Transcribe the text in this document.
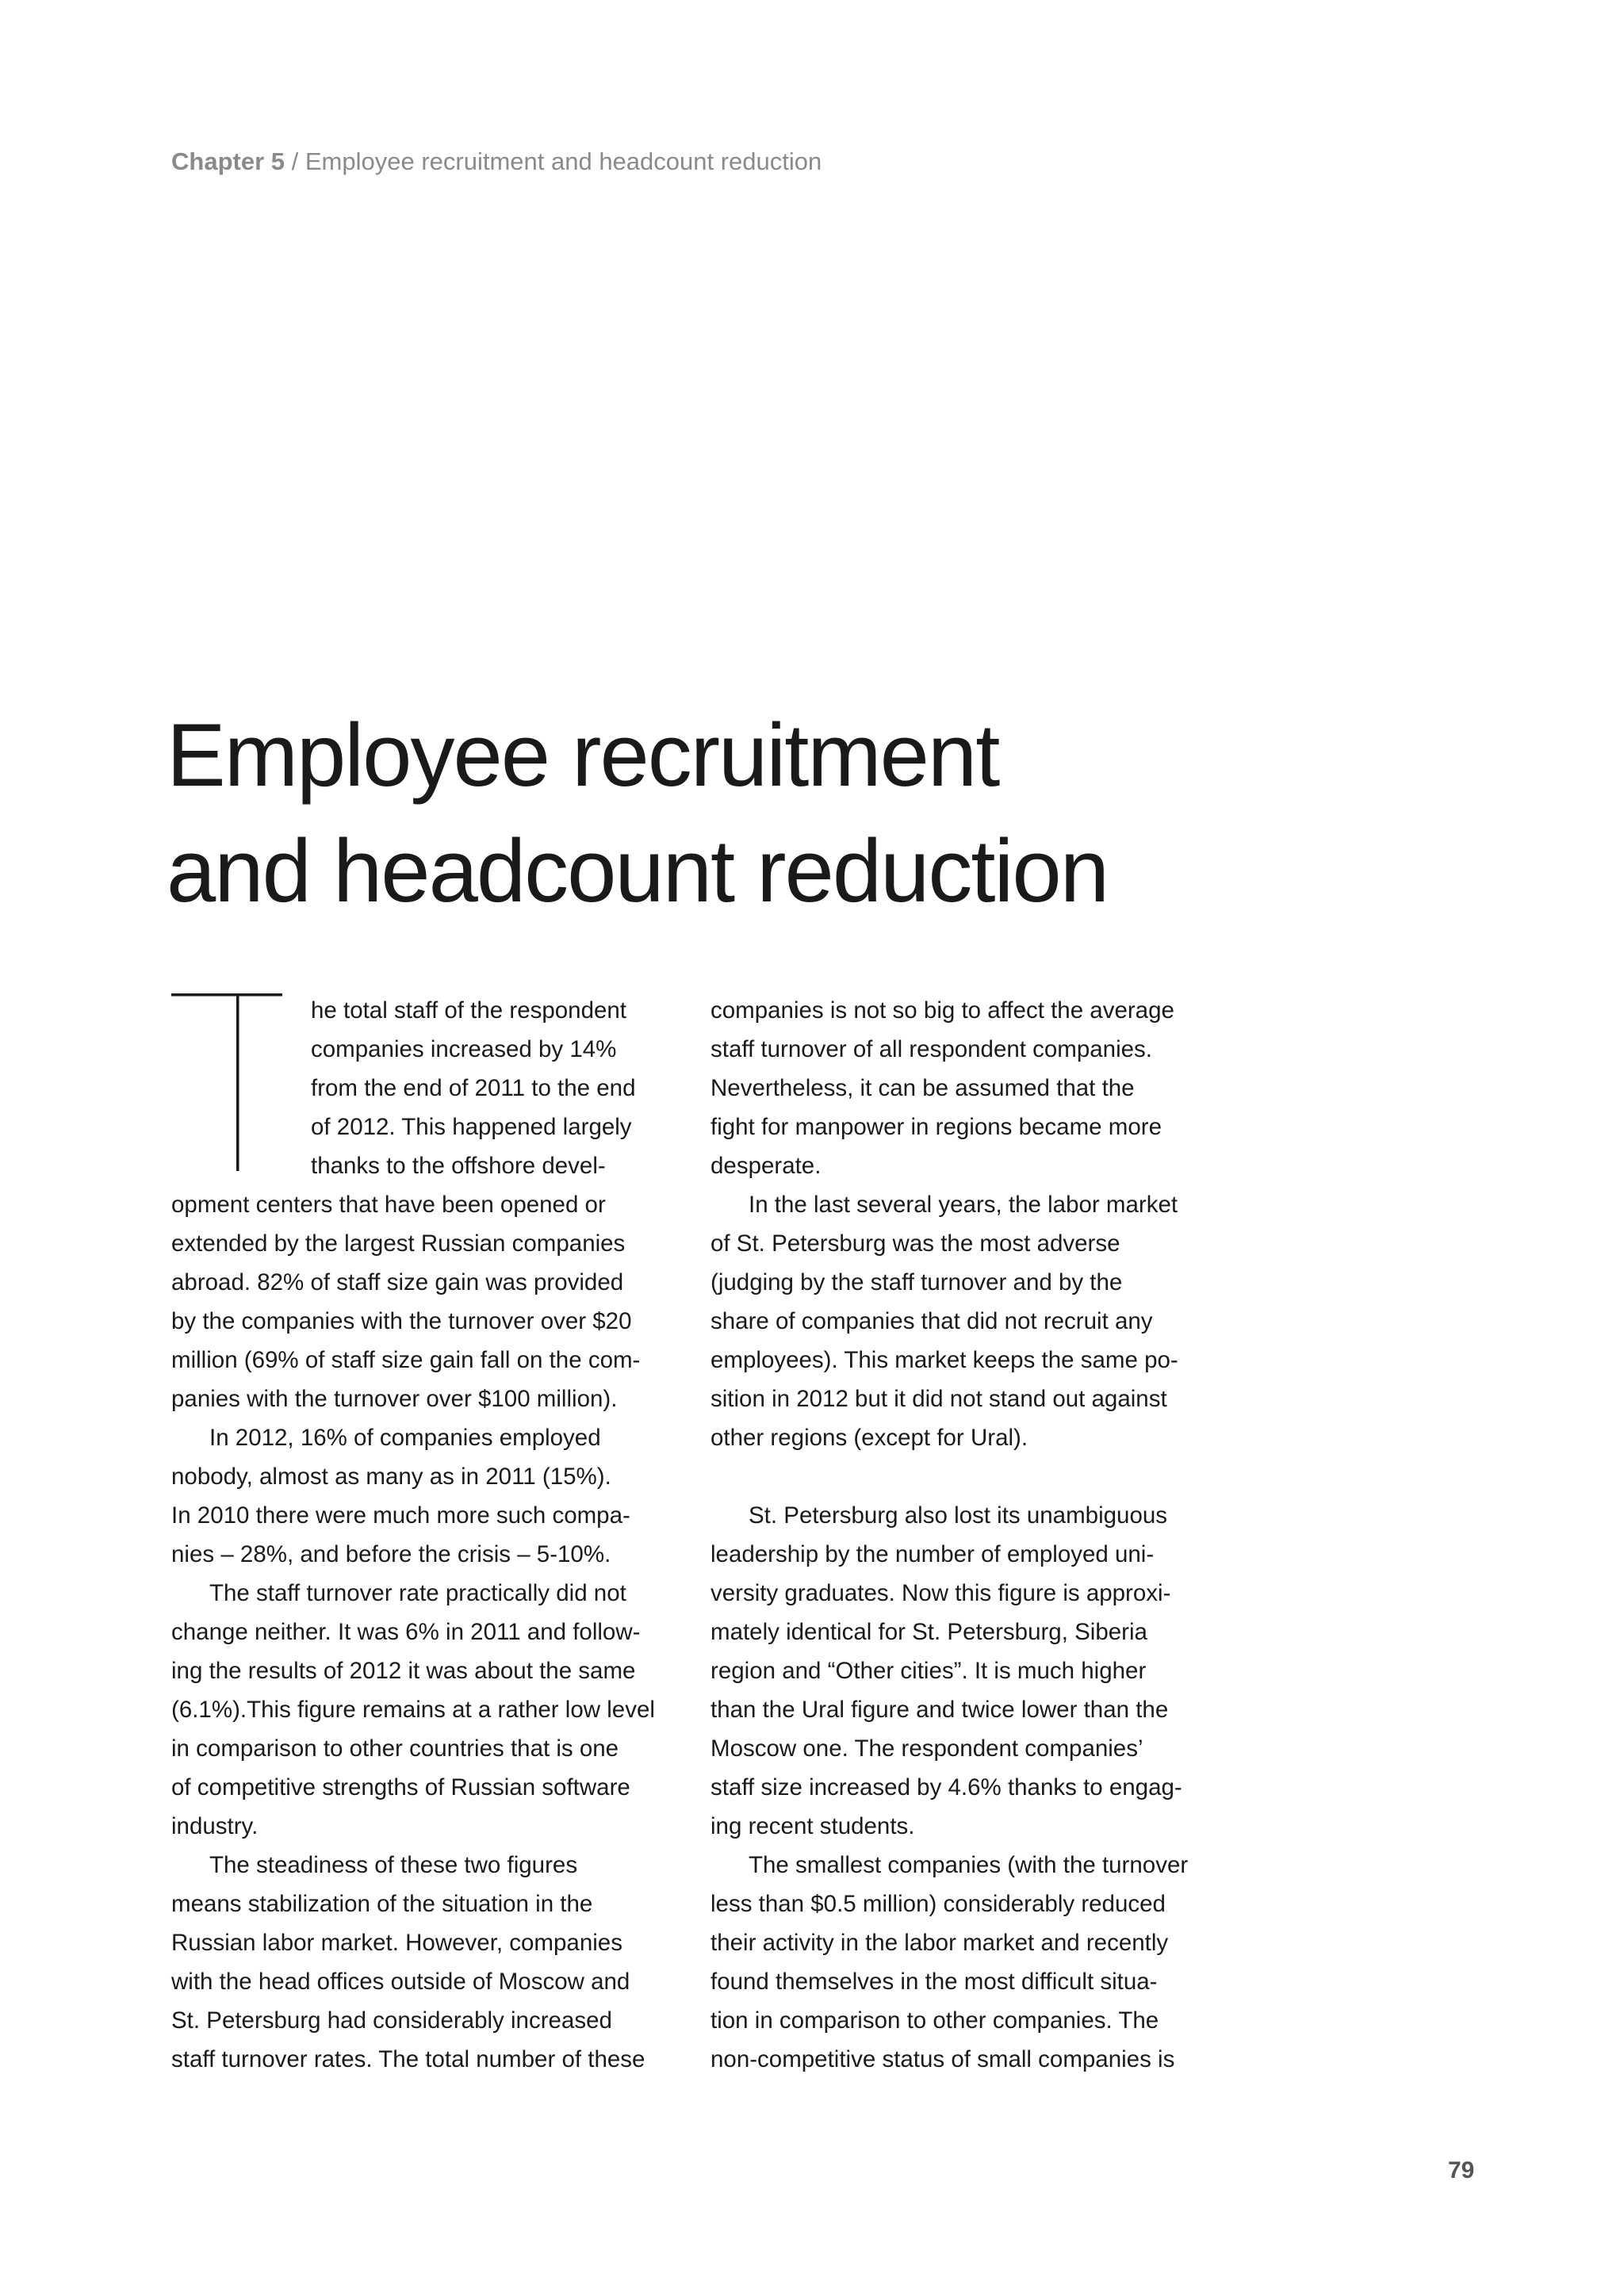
Chapter 5 / Employee recruitment and headcount reduction
Employee recruitment
and headcount reduction
he total staff of the respondent
companies increased by 14%
from the end of 2011 to the end
of 2012. This happened largely
thanks to the offshore devel-
opment centers that have been opened or
extended by the largest Russian companies
abroad. 82% of staff size gain was provided
by the companies with the turnover over $20
million (69% of staff size gain fall on the com-
panies with the turnover over $100 million).
In 2012, 16% of companies employed
nobody, almost as many as in 2011 (15%).
In 2010 there were much more such compa-
nies – 28%, and before the crisis – 5-10%.
The staff turnover rate practically did not
change neither. It was 6% in 2011 and follow-
ing the results of 2012 it was about the same
(6.1%).This figure remains at a rather low level
in comparison to other countries that is one
of competitive strengths of Russian software
industry.
The steadiness of these two figures
means stabilization of the situation in the
Russian labor market. However, companies
with the head offices outside of Moscow and
St. Petersburg had considerably increased
staff turnover rates. The total number of these
companies is not so big to affect the average
staff turnover of all respondent companies.
Nevertheless, it can be assumed that the
fight for manpower in regions became more
desperate.
In the last several years, the labor market
of St. Petersburg was the most adverse
(judging by the staff turnover and by the
share of companies that did not recruit any
employees). This market keeps the same po-
sition in 2012 but it did not stand out against
other regions (except for Ural).
St. Petersburg also lost its unambiguous
leadership by the number of employed uni-
versity graduates. Now this figure is approxi-
mately identical for St. Petersburg, Siberia
region and “Other cities”. It is much higher
than the Ural figure and twice lower than the
Moscow one. The respondent companies’
staff size increased by 4.6% thanks to engag-
ing recent students.
The smallest companies (with the turnover
less than $0.5 million) considerably reduced
their activity in the labor market and recently
found themselves in the most difficult situa-
tion in comparison to other companies. The
non-competitive status of small companies is
79
